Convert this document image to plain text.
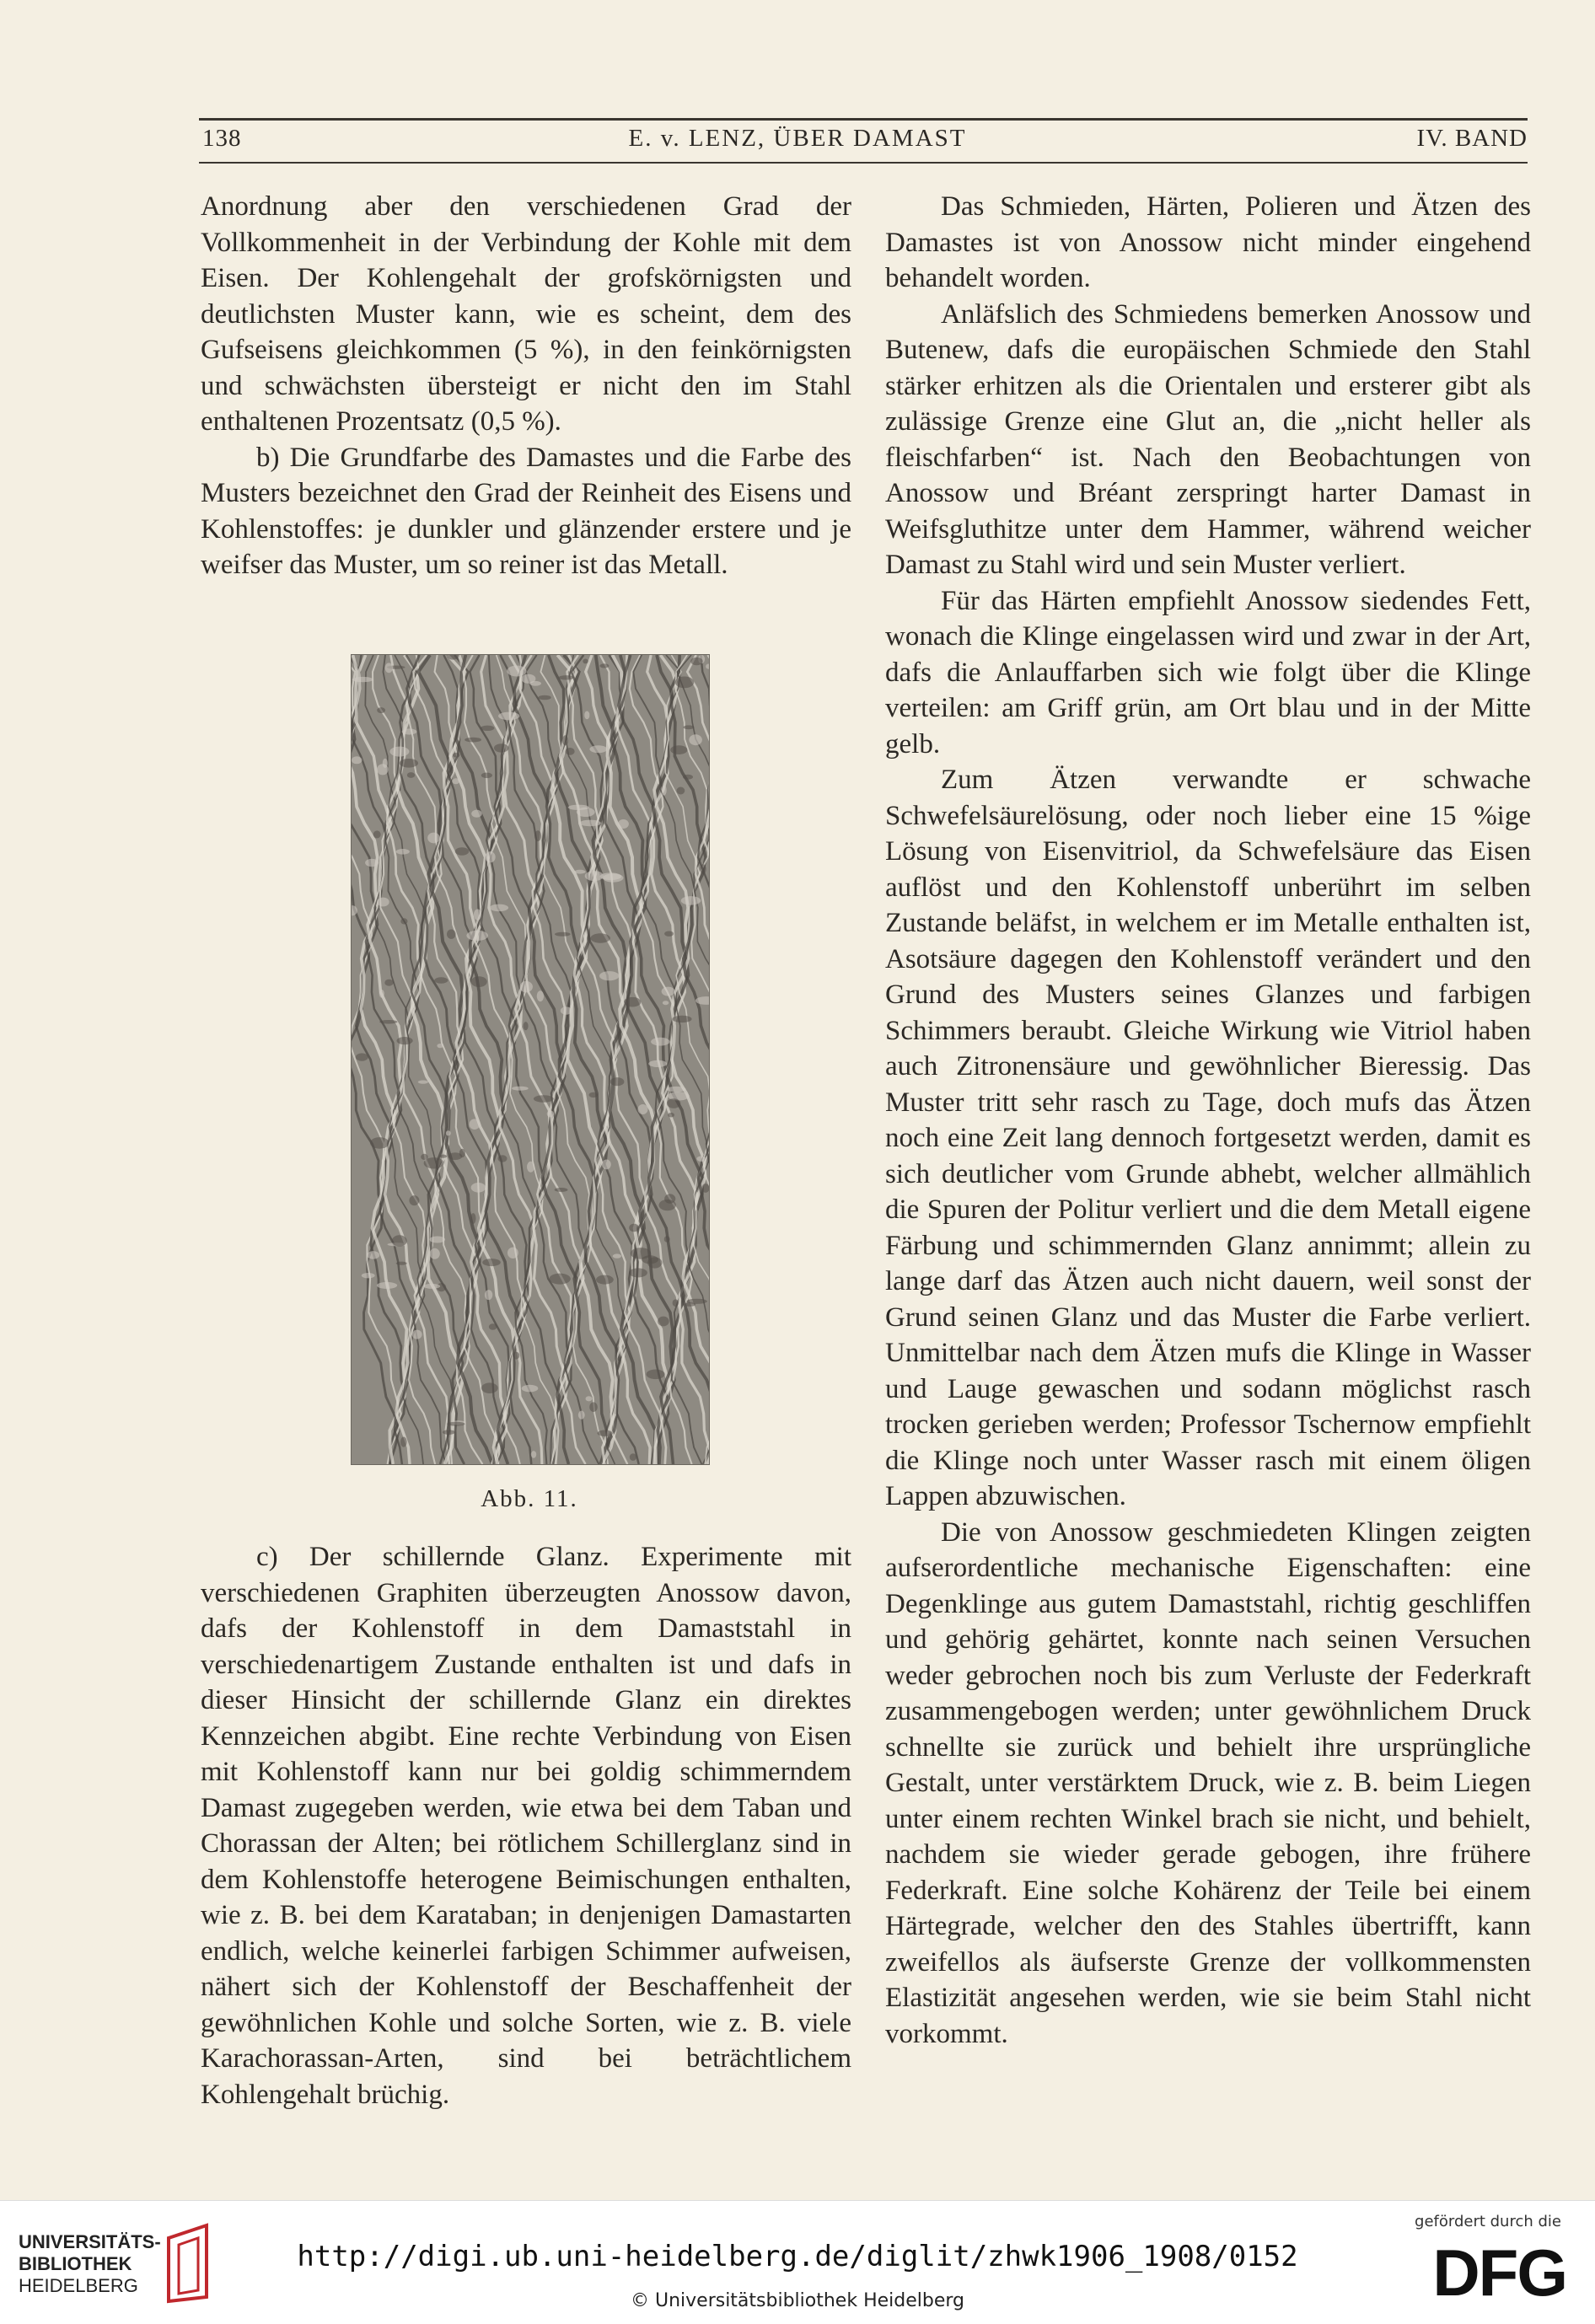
138	E. v. LENZ, ÜBER DAMAST	IV. BAND

Anordnung aber den verschiedenen Grad der Vollkommenheit in der Verbindung der Kohle mit dem Eisen. Der Kohlengehalt der grofskörnigsten und deutlichsten Muster kann, wie es scheint, dem des Gufseisens gleichkommen (5 %), in den feinkörnigsten und schwächsten übersteigt er nicht den im Stahl enthaltenen Prozentsatz (0,5 %).

b) Die Grundfarbe des Damastes und die Farbe des Musters bezeichnet den Grad der Reinheit des Eisens und Kohlenstoffes: je dunkler und glänzender erstere und je weifser das Muster, um so reiner ist das Metall.

Abb. 11.

c) Der schillernde Glanz. Experimente mit verschiedenen Graphiten überzeugten Anossow davon, dafs der Kohlenstoff in dem Damaststahl in verschiedenartigem Zustande enthalten ist und dafs in dieser Hinsicht der schillernde Glanz ein direktes Kennzeichen abgibt. Eine rechte Verbindung von Eisen mit Kohlenstoff kann nur bei goldig schimmerndem Damast zugegeben werden, wie etwa bei dem Taban und Chorassan der Alten; bei rötlichem Schillerglanz sind in dem Kohlenstoffe heterogene Beimischungen enthalten, wie z. B. bei dem Karataban; in denjenigen Damastarten endlich, welche keinerlei farbigen Schimmer aufweisen, nähert sich der Kohlenstoff der Beschaffenheit der gewöhnlichen Kohle und solche Sorten, wie z. B. viele Karachorassan-Arten, sind bei beträchtlichem Kohlengehalt brüchig.

Das Schmieden, Härten, Polieren und Ätzen des Damastes ist von Anossow nicht minder eingehend behandelt worden.

Anläfslich des Schmiedens bemerken Anossow und Butenew, dafs die europäischen Schmiede den Stahl stärker erhitzen als die Orientalen und ersterer gibt als zulässige Grenze eine Glut an, die „nicht heller als fleischfarben“ ist. Nach den Beobachtungen von Anossow und Bréant zerspringt harter Damast in Weifsgluthitze unter dem Hammer, während weicher Damast zu Stahl wird und sein Muster verliert.

Für das Härten empfiehlt Anossow siedendes Fett, wonach die Klinge eingelassen wird und zwar in der Art, dafs die Anlauffarben sich wie folgt über die Klinge verteilen: am Griff grün, am Ort blau und in der Mitte gelb.

Zum Ätzen verwandte er schwache Schwefelsäurelösung, oder noch lieber eine 15 %ige Lösung von Eisenvitriol, da Schwefelsäure das Eisen auflöst und den Kohlenstoff unberührt im selben Zustande beläfst, in welchem er im Metalle enthalten ist, Asotsäure dagegen den Kohlenstoff verändert und den Grund des Musters seines Glanzes und farbigen Schimmers beraubt. Gleiche Wirkung wie Vitriol haben auch Zitronensäure und gewöhnlicher Bieressig. Das Muster tritt sehr rasch zu Tage, doch mufs das Ätzen noch eine Zeit lang dennoch fortgesetzt werden, damit es sich deutlicher vom Grunde abhebt, welcher allmählich die Spuren der Politur verliert und die dem Metall eigene Färbung und schimmernden Glanz annimmt; allein zu lange darf das Ätzen auch nicht dauern, weil sonst der Grund seinen Glanz und das Muster die Farbe verliert. Unmittelbar nach dem Ätzen mufs die Klinge in Wasser und Lauge gewaschen und sodann möglichst rasch trocken gerieben werden; Professor Tschernow empfiehlt die Klinge noch unter Wasser rasch mit einem öligen Lappen abzuwischen.

Die von Anossow geschmiedeten Klingen zeigten aufserordentliche mechanische Eigenschaften: eine Degenklinge aus gutem Damaststahl, richtig geschliffen und gehörig gehärtet, konnte nach seinen Versuchen weder gebrochen noch bis zum Verluste der Federkraft zusammengebogen werden; unter gewöhnlichem Druck schnellte sie zurück und behielt ihre ursprüngliche Gestalt, unter verstärktem Druck, wie z. B. beim Liegen unter einem rechten Winkel brach sie nicht, und behielt, nachdem sie wieder gerade gebogen, ihre frühere Federkraft. Eine solche Kohärenz der Teile bei einem Härtegrade, welcher den des Stahles übertrifft, kann zweifellos als äufserste Grenze der vollkommensten Elastizität angesehen werden, wie sie beim Stahl nicht vorkommt.

UNIVERSITÄTS-
BIBLIOTHEK
HEIDELBERG
http://digi.ub.uni-heidelberg.de/diglit/zhwk1906_1908/0152
© Universitätsbibliothek Heidelberg
gefördert durch die
DFG
